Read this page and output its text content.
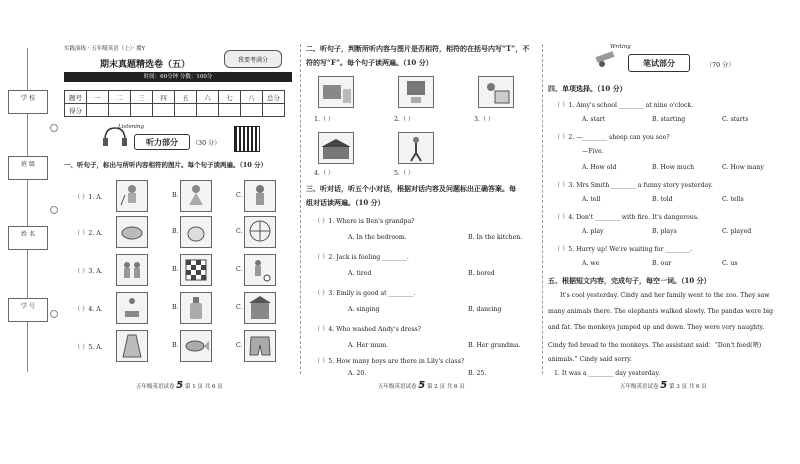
学 校
班 级
姓 名
学 号
实践演练 · 五年级英语（上）· 冀Y
期末真题精选卷（五）	我要考满分
时间：60分钟 分数：100分
题号	一	二	三	四	五	六	七	八	总分
得分									
Listening
听力部分 （30 分）
一、听句子，标出与所听内容相符的图片。每个句子读两遍。（10 分）
（ ）1. A.	B.	C.
（ ）2. A.	B.	C.
（ ）3. A.	B.	C.
（ ）4. A.	B.	C.
（ ）5. A.	B.	C.
五年级英语试卷 5 第 1 页 共 6 页
二、听句子，判断所听内容与图片是否相符，相符的在括号内写“T”，不
符的写“F”。每个句子读两遍。（10 分）
1.（ ）	2.（ ）	3.（ ）
4.（ ）	5.（ ）
三、听对话，听五个小对话，根据对话内容及问题标出正确答案。每
组对话读两遍。（10 分）
（ ）1. Where is Ben's grandpa?
A. In the bedroom.	B. In the kitchen.
（ ）2. Jack is feeling ________.
A. tired	B. bored
（ ）3. Emily is good at ________.
A. singing	B. dancing
（ ）4. Who washed Andy's dress?
A. Her mum.	B. Her grandma.
（ ）5. How many boys are there in Lily's class?
A. 20.	B. 25.
五年级英语试卷 5 第 2 页 共 6 页
Writing
笔试部分	（70 分）
四、单项选择。（10 分）
（ ）1. Amy's school ________ at nine o'clock.
A. start	B. starting	C. starts
（ ）2. —________ sheep can you see?
—Five.
A. How old	B. How much	C. How many
（ ）3. Mrs Smith ________ a funny story yesterday.
A. tell	B. told	C. tells
（ ）4. Don't ________ with fire. It's dangerous.
A. play	B. plays	C. played
（ ）5. Hurry up! We're waiting for ________.
A. we	B. our	C. us
五、根据短文内容，完成句子，每空一词。（10 分）
It's cool yesterday. Cindy and her family went to the zoo. They saw
many animals there. The elephants walked slowly. The pandas were big
and fat. The monkeys jumped up and down. They were very naughty.
Cindy fed bread to the monkeys. The assistant said：“Don't feed(喂)
animals.” Cindy said sorry.
1. It was a ________ day yesterday.
五年级英语试卷 5 第 3 页 共 6 页
